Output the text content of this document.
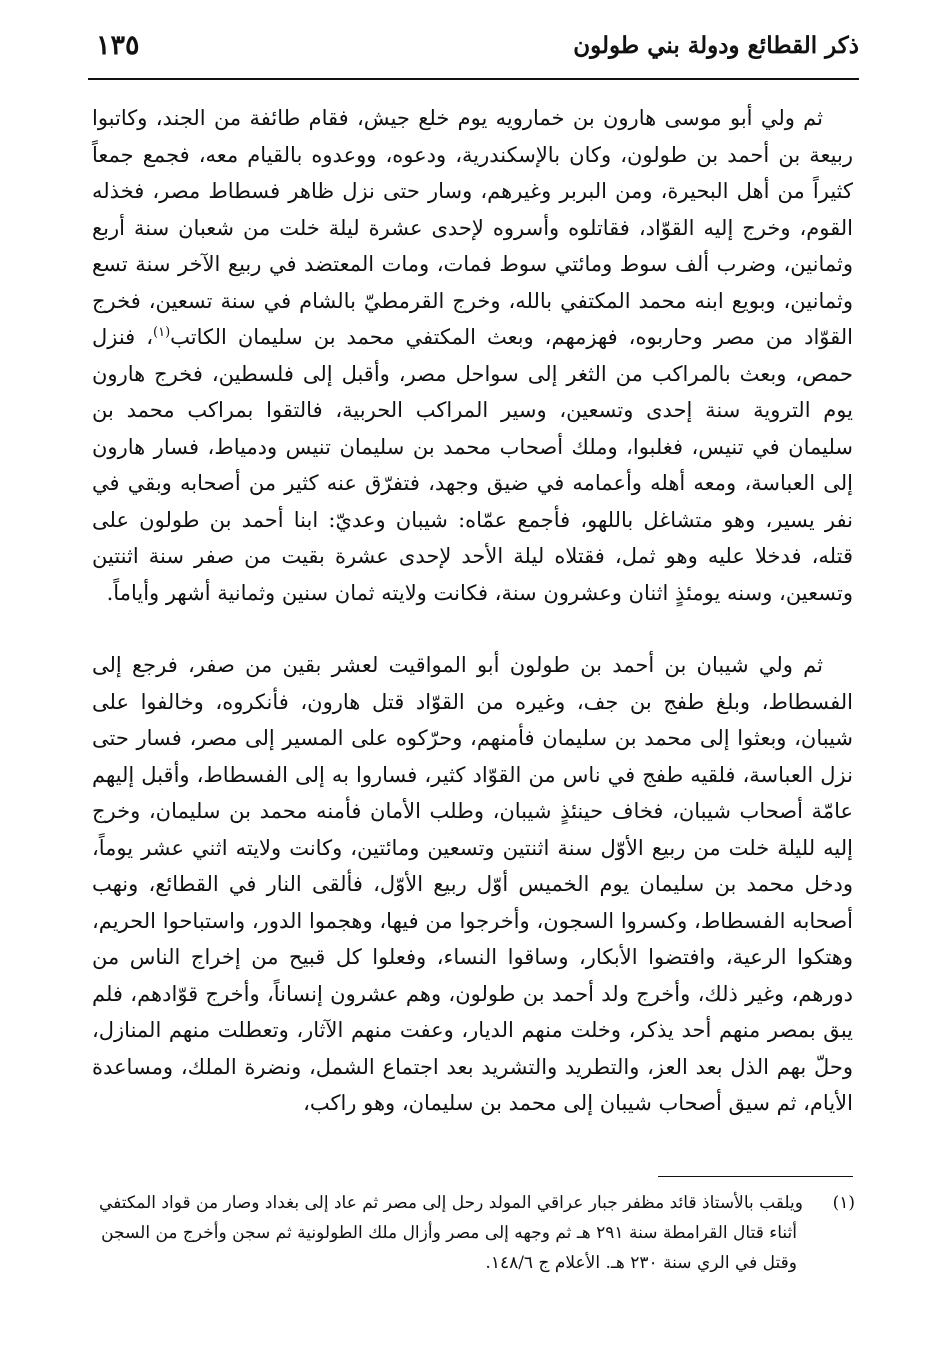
١٣٥	ذكر القطائع ودولة بني طولون

ثم ولي أبو موسى هارون بن خمارويه يوم خلع جيش، فقام طائفة من الجند، وكاتبوا ربيعة بن أحمد بن طولون، وكان بالإسكندرية، ودعوه، ووعدوه بالقيام معه، فجمع جمعاً كثيراً من أهل البحيرة، ومن البربر وغيرهم، وسار حتى نزل ظاهر فسطاط مصر، فخذله القوم، وخرج إليه القوّاد، فقاتلوه وأسروه لإحدى عشرة ليلة خلت من شعبان سنة أربع وثمانين، وضرب ألف سوط ومائتي سوط فمات، ومات المعتضد في ربيع الآخر سنة تسع وثمانين، وبويع ابنه محمد المكتفي بالله، وخرج القرمطيّ بالشام في سنة تسعين، فخرج القوّاد من مصر وحاربوه، فهزمهم، وبعث المكتفي محمد بن سليمان الكاتب$^{(١)}$، فنزل حمص، وبعث بالمراكب من الثغر إلى سواحل مصر، وأقبل إلى فلسطين، فخرج هارون يوم التروية سنة إحدى وتسعين، وسير المراكب الحربية، فالتقوا بمراكب محمد بن سليمان في تنيس، فغلبوا، وملك أصحاب محمد بن سليمان تنيس ودمياط، فسار هارون إلى العباسة، ومعه أهله وأعمامه في ضيق وجهد، فتفرّق عنه كثير من أصحابه وبقي في نفر يسير، وهو متشاغل باللهو، فأجمع عمّاه: شيبان وعديّ: ابنا أحمد بن طولون على قتله، فدخلا عليه وهو ثمل، فقتلاه ليلة الأحد لإحدى عشرة بقيت من صفر سنة اثنتين وتسعين، وسنه يومئذٍ اثنان وعشرون سنة، فكانت ولايته ثمان سنين وثمانية أشهر وأياماً.

ثم ولي شيبان بن أحمد بن طولون أبو المواقيت لعشر بقين من صفر، فرجع إلى الفسطاط، وبلغ طفج بن جف، وغيره من القوّاد قتل هارون، فأنكروه، وخالفوا على شيبان، وبعثوا إلى محمد بن سليمان فأمنهم، وحرّكوه على المسير إلى مصر، فسار حتى نزل العباسة، فلقيه طفج في ناس من القوّاد كثير، فساروا به إلى الفسطاط، وأقبل إليهم عامّة أصحاب شيبان، فخاف حينئذٍ شيبان، وطلب الأمان فأمنه محمد بن سليمان، وخرج إليه لليلة خلت من ربيع الأوّل سنة اثنتين وتسعين ومائتين، وكانت ولايته اثني عشر يوماً، ودخل محمد بن سليمان يوم الخميس أوّل ربيع الأوّل، فألقى النار في القطائع، ونهب أصحابه الفسطاط، وكسروا السجون، وأخرجوا من فيها، وهجموا الدور، واستباحوا الحريم، وهتكوا الرعية، وافتضوا الأبكار، وساقوا النساء، وفعلوا كل قبيح من إخراج الناس من دورهم، وغير ذلك، وأخرج ولد أحمد بن طولون، وهم عشرون إنساناً، وأخرج قوّادهم، فلم يبق بمصر منهم أحد يذكر، وخلت منهم الديار، وعفت منهم الآثار، وتعطلت منهم المنازل، وحلّ بهم الذل بعد العز، والتطريد والتشريد بعد اجتماع الشمل، ونضرة الملك، ومساعدة الأيام، ثم سيق أصحاب شيبان إلى محمد بن سليمان، وهو راكب،

(١)ويلقب بالأستاذ قائد مظفر جبار عراقي المولد رحل إلى مصر ثم عاد إلى بغداد وصار من قواد المكتفي
أثناء قتال القرامطة سنة ٢٩١ هـ ثم وجهه إلى مصر وأزال ملك الطولونية ثم سجن وأخرج من السجن
وقتل في الري سنة ٢٣٠ هـ. الأعلام ج ١٤٨/٦.
